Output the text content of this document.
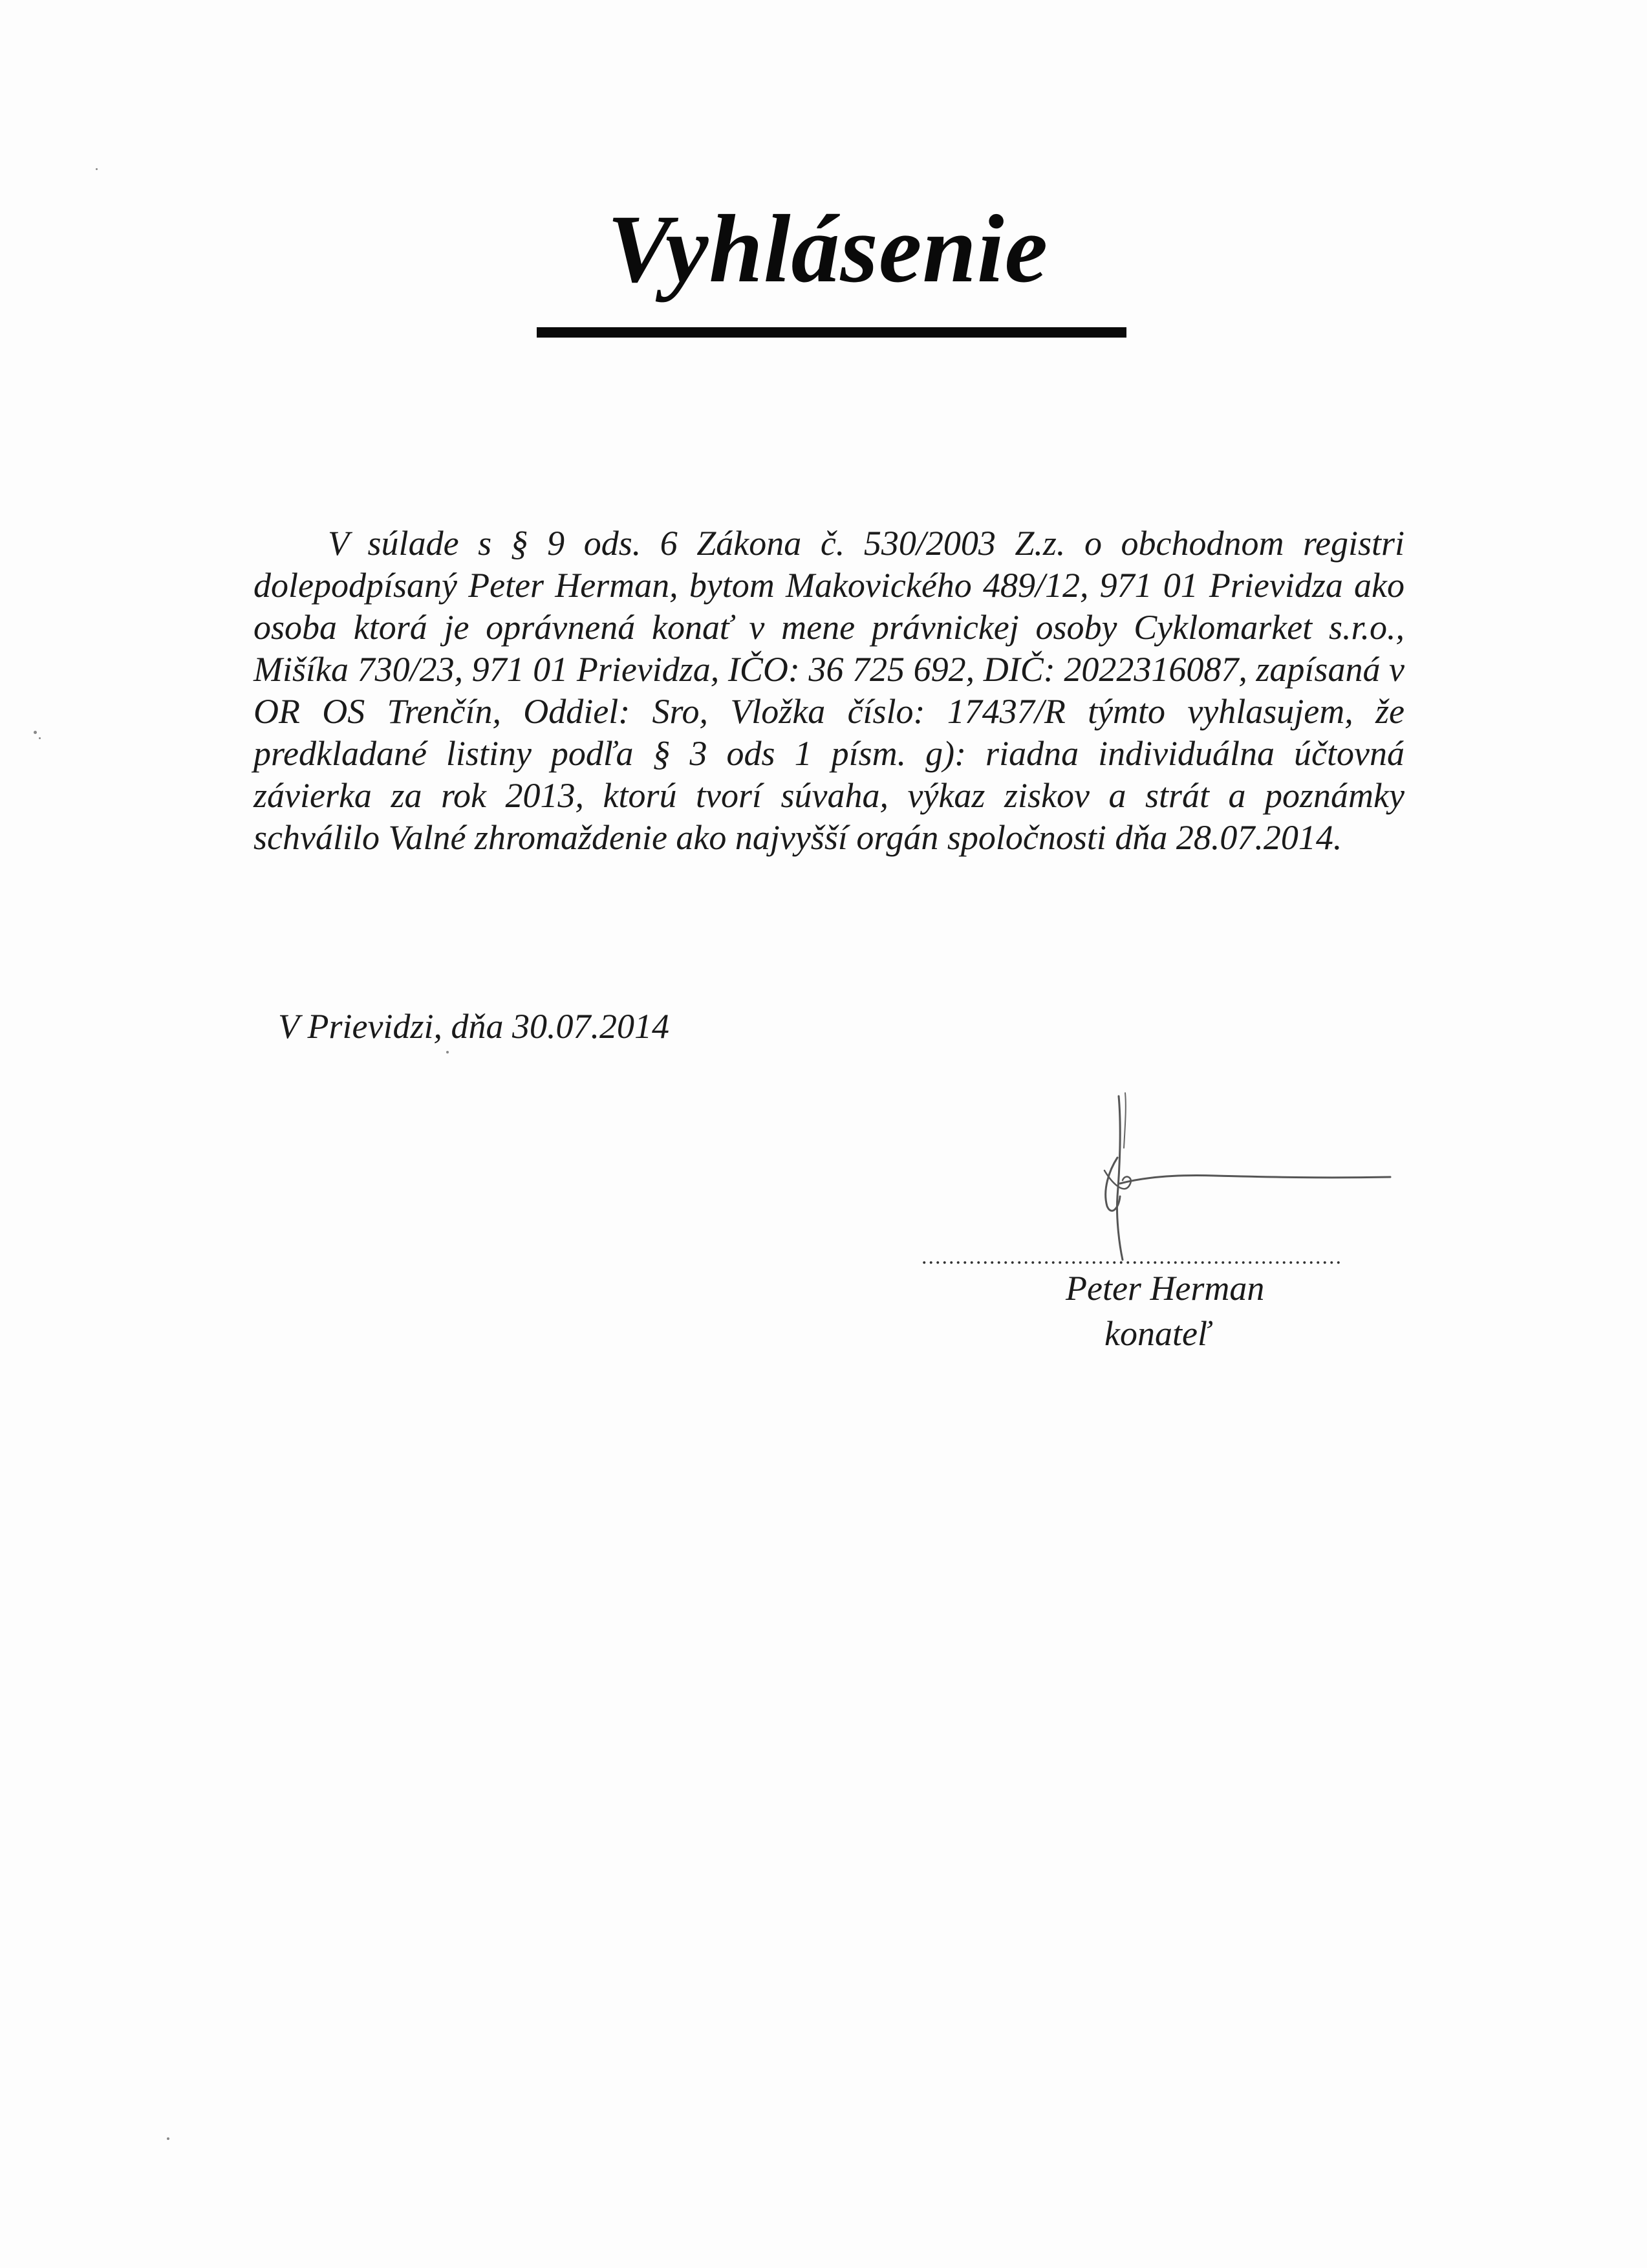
Vyhlásenie
V súlade s § 9 ods. 6 Zákona č. 530/2003 Z.z. o obchodnom registri dolepodpísaný Peter Herman, bytom Makovického 489/12, 971 01 Prievidza ako osoba ktorá je oprávnená konať v mene právnickej osoby Cyklomarket s.r.o., Mišíka 730/23, 971 01 Prievidza, IČO: 36 725 692, DIČ: 2022316087, zapísaná v OR OS Trenčín, Oddiel: Sro, Vložka číslo: 17437/R týmto vyhlasujem, že predkladané listiny podľa § 3 ods 1 písm. g): riadna individuálna účtovná závierka za rok 2013, ktorú tvorí súvaha, výkaz ziskov a strát a poznámky schválilo Valné zhromaždenie ako najvyšší orgán spoločnosti dňa 28.07.2014.
V Prievidzi, dňa 30.07.2014
..............................................................
Peter Herman
konateľ
